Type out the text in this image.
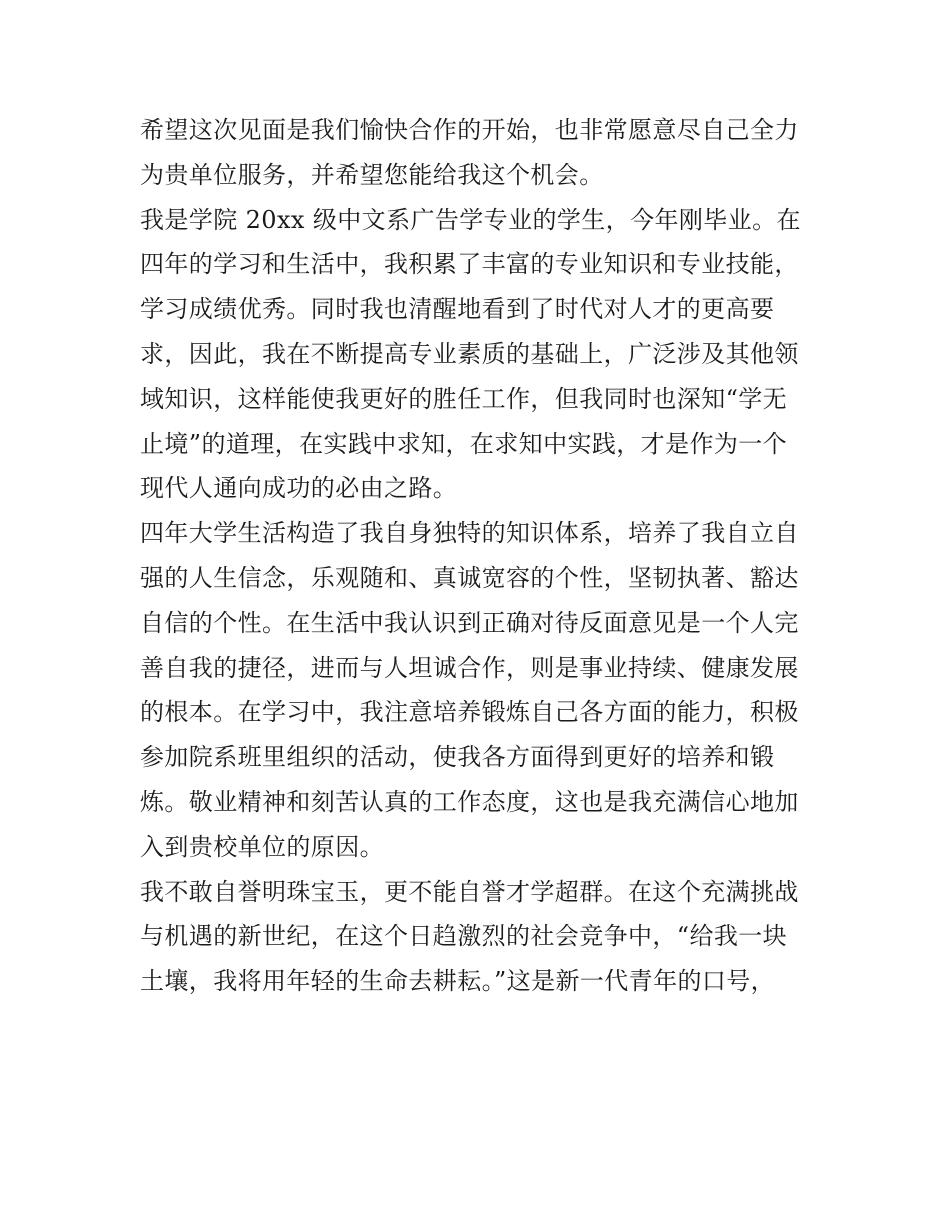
希望这次见面是我们愉快合作的开始，也非常愿意尽自己全力
为贵单位服务，并希望您能给我这个机会。
我是学院 20xx 级中文系广告学专业的学生，今年刚毕业。在
四年的学习和生活中，我积累了丰富的专业知识和专业技能，
学习成绩优秀。同时我也清醒地看到了时代对人才的更高要
求，因此，我在不断提高专业素质的基础上，广泛涉及其他领
域知识，这样能使我更好的胜任工作，但我同时也深知“学无
止境”的道理，在实践中求知，在求知中实践，才是作为一个
现代人通向成功的必由之路。
四年大学生活构造了我自身独特的知识体系，培养了我自立自
强的人生信念，乐观随和、真诚宽容的个性，坚韧执著、豁达
自信的个性。在生活中我认识到正确对待反面意见是一个人完
善自我的捷径，进而与人坦诚合作，则是事业持续、健康发展
的根本。在学习中，我注意培养锻炼自己各方面的能力，积极
参加院系班里组织的活动，使我各方面得到更好的培养和锻
炼。敬业精神和刻苦认真的工作态度，这也是我充满信心地加
入到贵校单位的原因。
我不敢自誉明珠宝玉，更不能自誉才学超群。在这个充满挑战
与机遇的新世纪，在这个日趋激烈的社会竞争中，“给我一块
土壤，我将用年轻的生命去耕耘。”这是新一代青年的口号，
